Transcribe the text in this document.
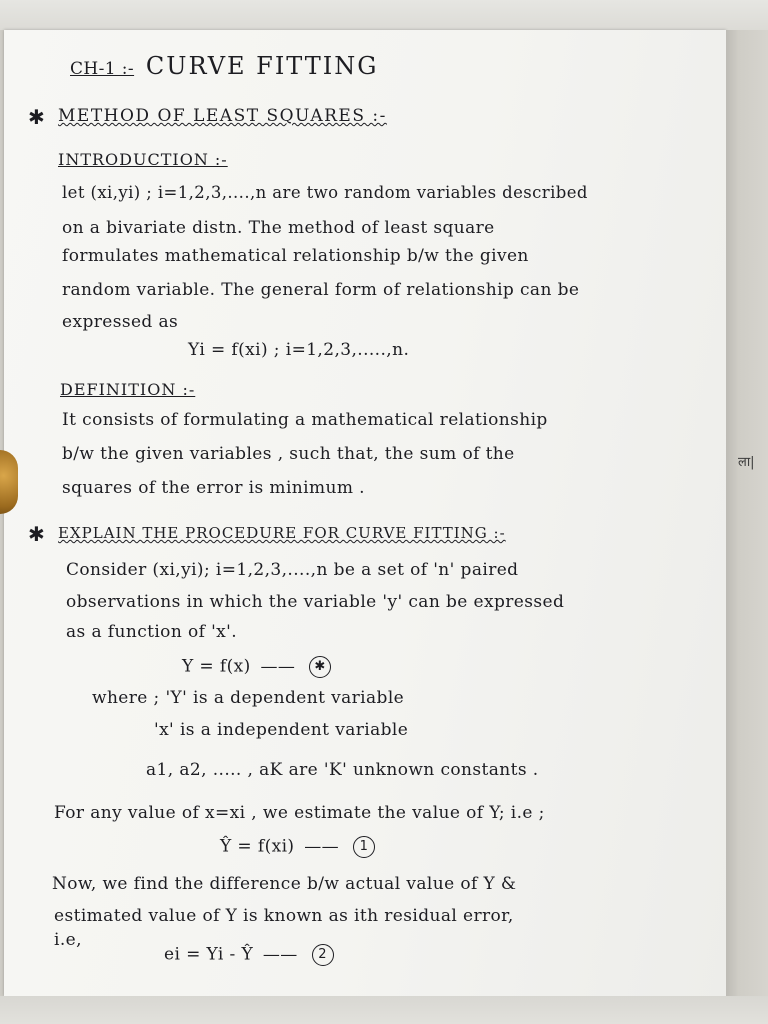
ला|
CH-1 :- CURVE FITTING
✱ METHOD OF LEAST SQUARES :-
INTRODUCTION :-
let (xi,yi) ; i=1,2,3,....,n are two random variables described
on a bivariate distn. The method of least square
formulates mathematical relationship b/w the given
random variable. The general form of relationship can be
expressed as
Yi = f(xi) ; i=1,2,3,.....,n.
DEFINITION :-
It consists of formulating a mathematical relationship
b/w the given variables , such that, the sum of the
squares of the error is minimum .
✱ EXPLAIN THE PROCEDURE FOR CURVE FITTING :-
Consider (xi,yi); i=1,2,3,....,n be a set of 'n' paired
observations in which the variable 'y' can be expressed
as a function of 'x'.
Y = f(x) —— ✱
where ; 'Y' is a dependent variable
'x' is a independent variable
a1, a2, ..... , aK are 'K' unknown constants .
For any value of x=xi , we estimate the value of Y; i.e ;
Ŷ = f(xi) —— 1
Now, we find the difference b/w actual value of Y &
estimated value of Y is known as ith residual error,
i.e,
ei = Yi - Ŷ —— 2
